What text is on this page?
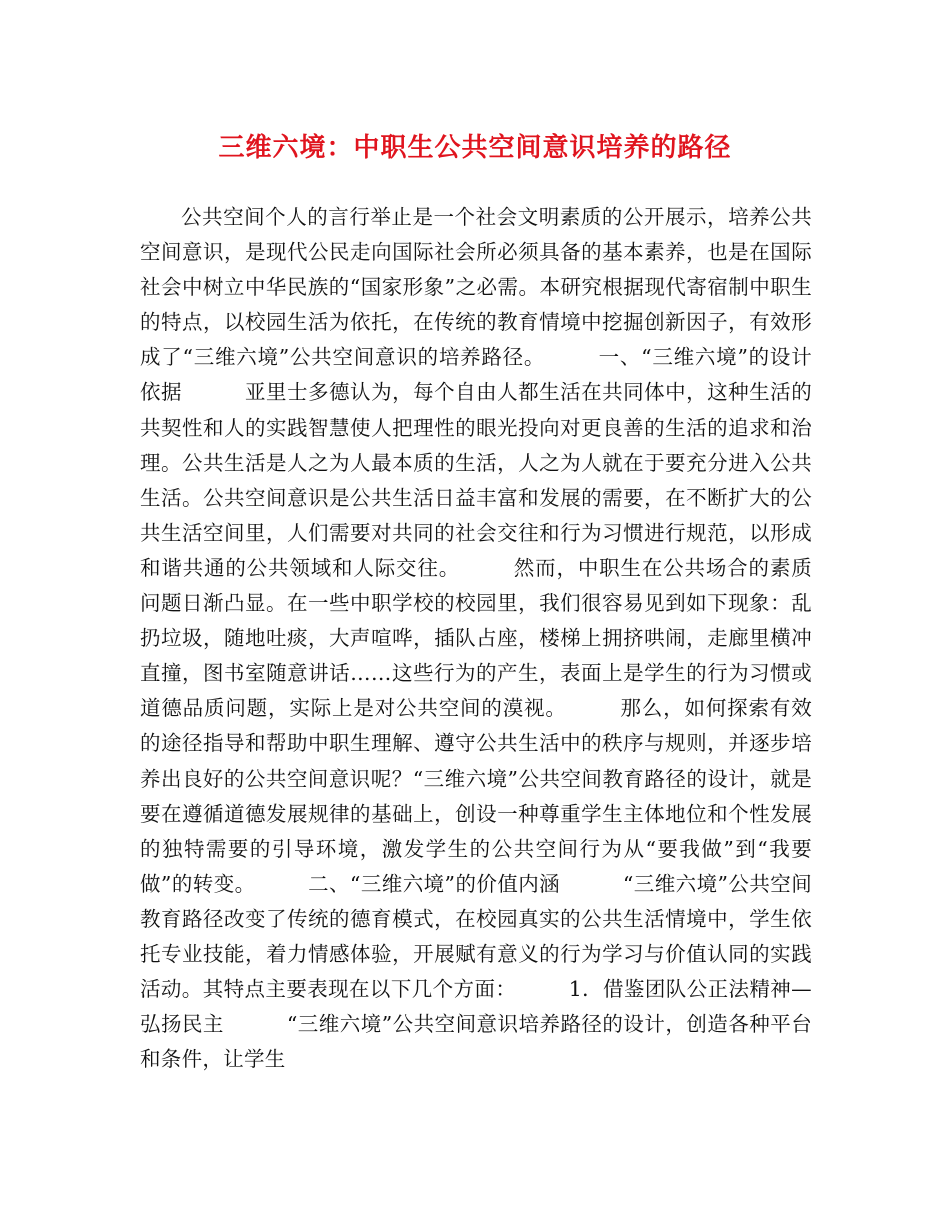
三维六境：中职生公共空间意识培养的路径

公共空间个人的言行举止是一个社会文明素质的公开展示，培养公共空间意识，是现代公民走向国际社会所必须具备的基本素养，也是在国际社会中树立中华民族的“国家形象”之必需。本研究根据现代寄宿制中职生的特点，以校园生活为依托，在传统的教育情境中挖掘创新因子，有效形成了“三维六境”公共空间意识的培养路径。　　　一、“三维六境”的设计依据　　　亚里士多德认为，每个自由人都生活在共同体中，这种生活的共契性和人的实践智慧使人把理性的眼光投向对更良善的生活的追求和治理。公共生活是人之为人最本质的生活，人之为人就在于要充分进入公共生活。公共空间意识是公共生活日益丰富和发展的需要，在不断扩大的公共生活空间里，人们需要对共同的社会交往和行为习惯进行规范，以形成和谐共通的公共领域和人际交往。　　　然而，中职生在公共场合的素质问题日渐凸显。在一些中职学校的校园里，我们很容易见到如下现象：乱扔垃圾，随地吐痰，大声喧哗，插队占座，楼梯上拥挤哄闹，走廊里横冲直撞，图书室随意讲话……这些行为的产生，表面上是学生的行为习惯或道德品质问题，实际上是对公共空间的漠视。　　　那么，如何探索有效的途径指导和帮助中职生理解、遵守公共生活中的秩序与规则，并逐步培养出良好的公共空间意识呢？“三维六境”公共空间教育路径的设计，就是要在遵循道德发展规律的基础上，创设一种尊重学生主体地位和个性发展的独特需要的引导环境，激发学生的公共空间行为从“要我做”到“我要做”的转变。　　　二、“三维六境”的价值内涵　　　“三维六境”公共空间教育路径改变了传统的德育模式，在校园真实的公共生活情境中，学生依托专业技能，着力情感体验，开展赋有意义的行为学习与价值认同的实践活动。其特点主要表现在以下几个方面：　　　1．借鉴团队公正法精神—弘扬民主　　　“三维六境”公共空间意识培养路径的设计，创造各种平台和条件，让学生
